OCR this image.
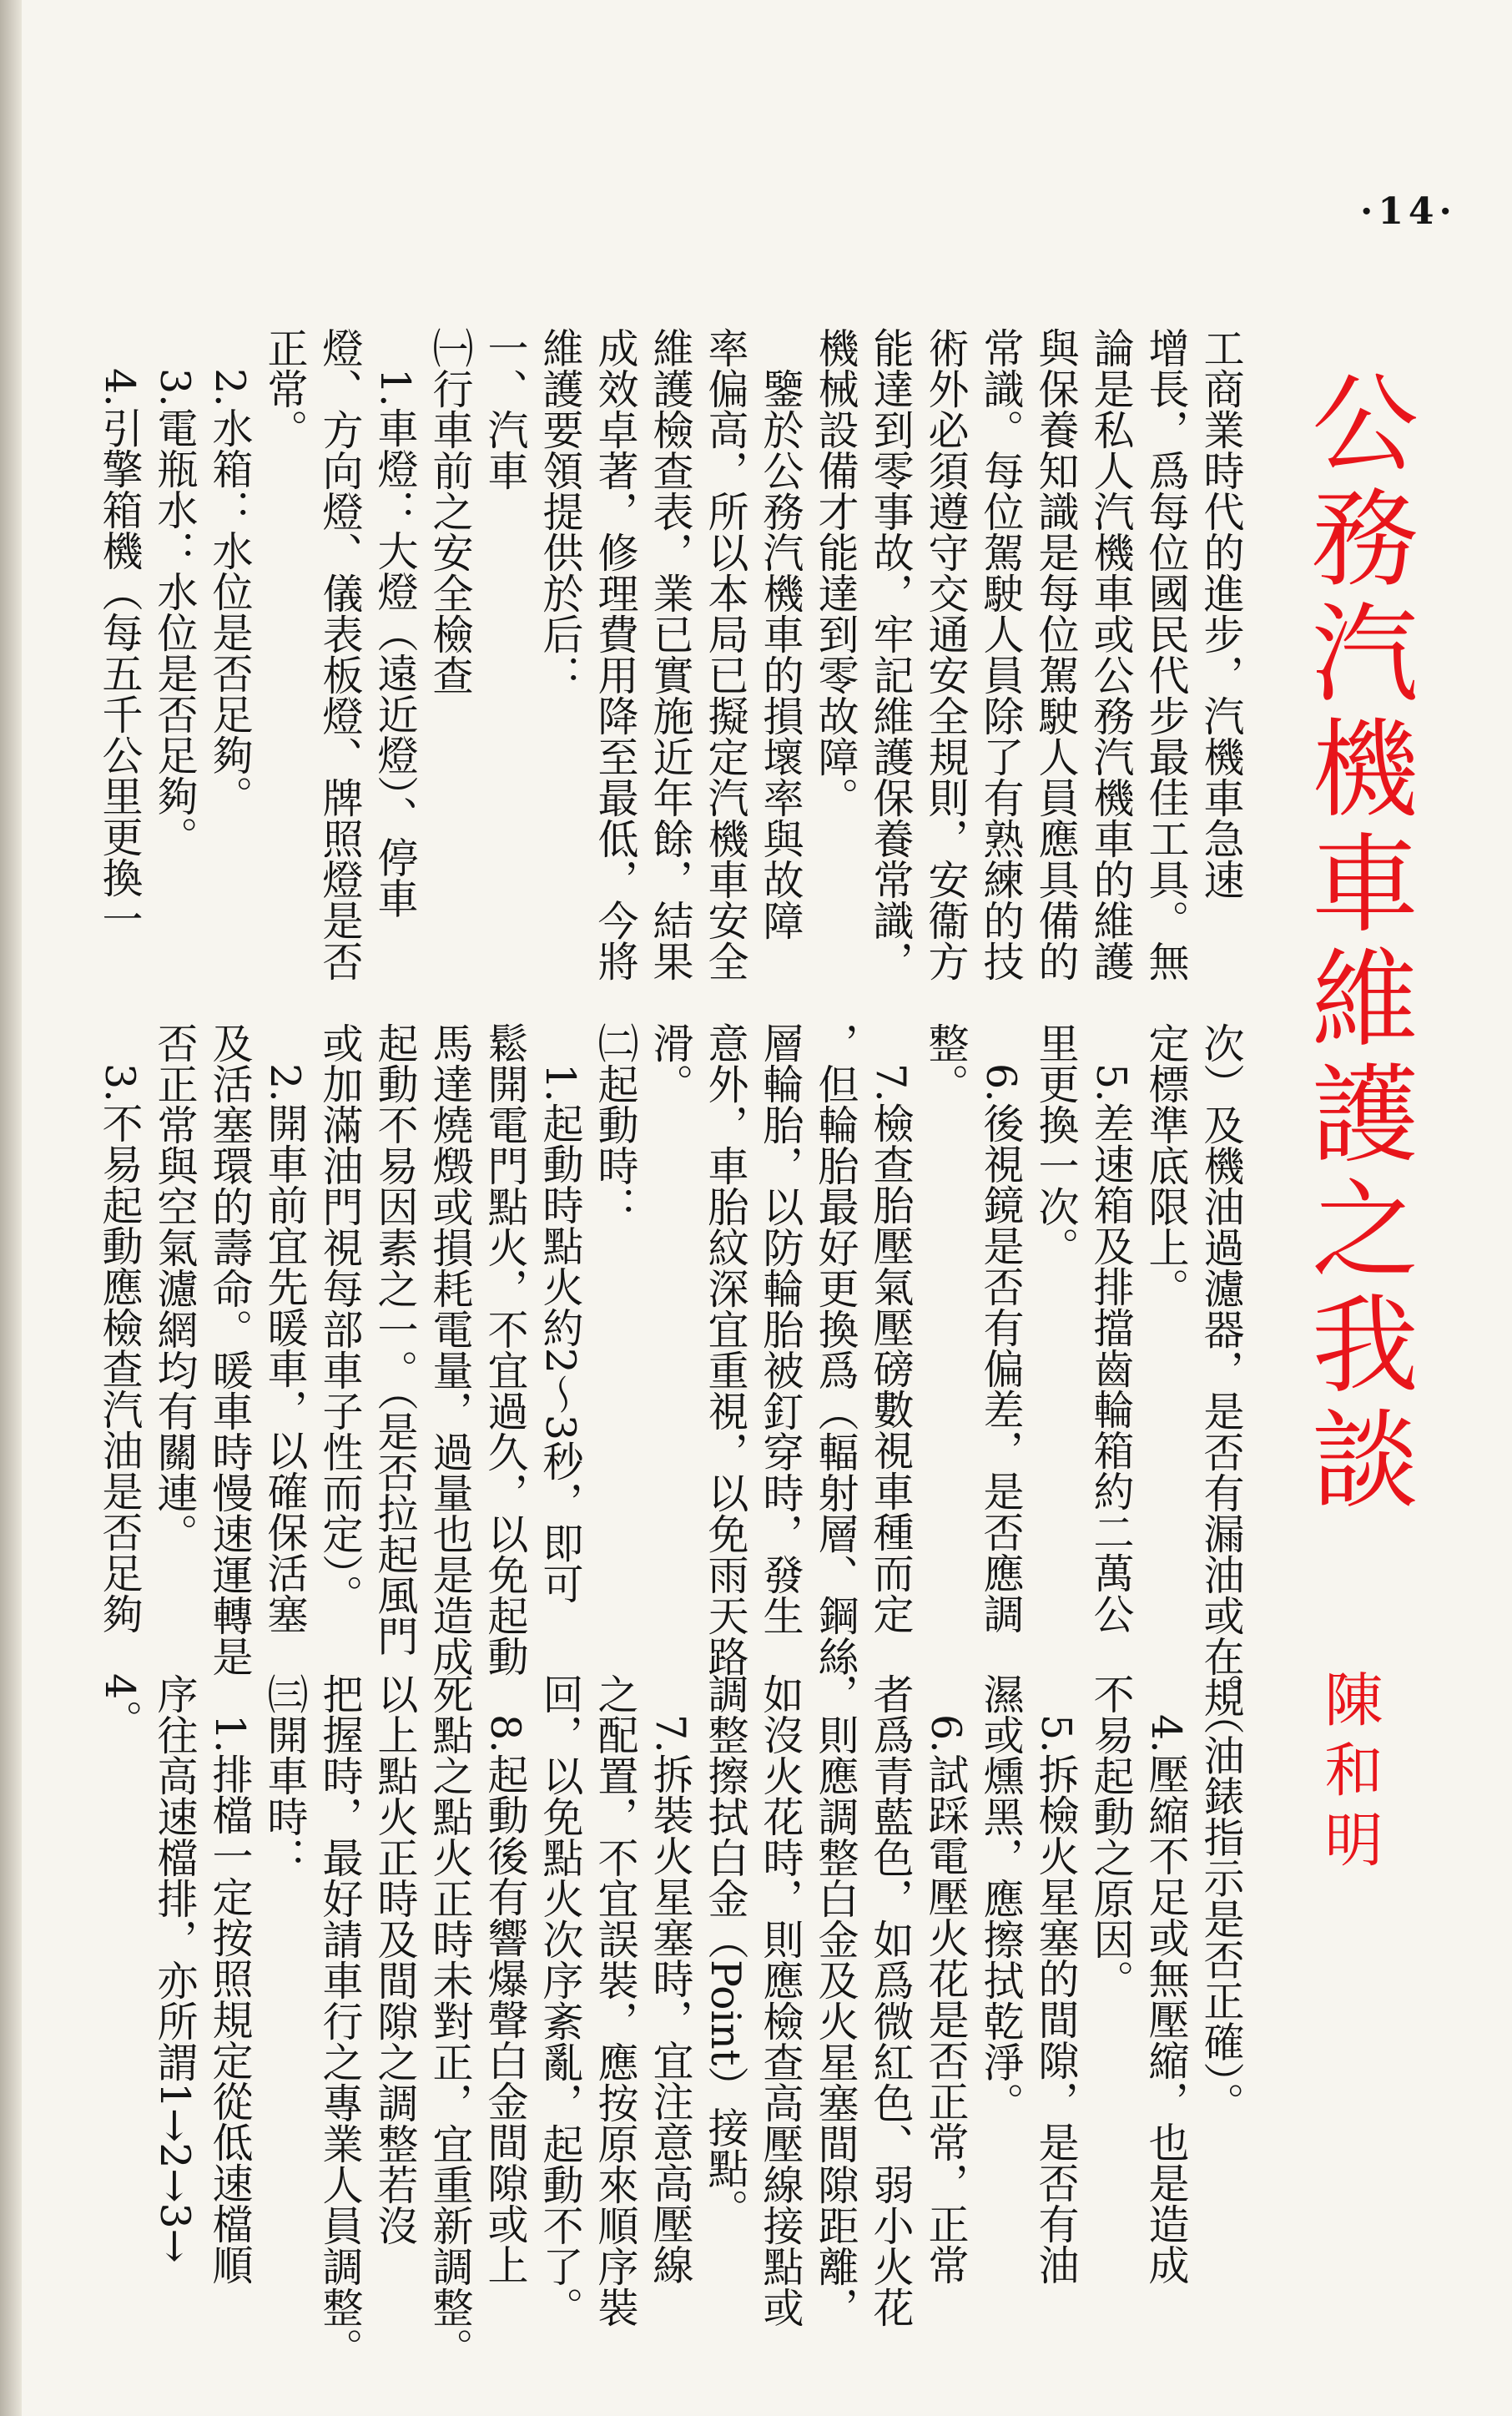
·14·
公務汽機車維護之我談
陳和明
工商業時代的進步，汽機車急速
增長，爲每位國民代步最佳工具。無
論是私人汽機車或公務汽機車的維護
與保養知識是每位駕駛人員應具備的
常識。每位駕駛人員除了有熟練的技
術外必須遵守交通安全規則，安衞方
能達到零事故，牢記維護保養常識，
機械設備才能達到零故障。
　鑒於公務汽機車的損壞率與故障
率偏高，所以本局已擬定汽機車安全
維護檢查表，業已實施近年餘，結果
成效卓著，修理費用降至最低，今將
維護要領提供於后：
一、汽車
㈠行車前之安全檢查
　1.車燈：大燈（遠近燈）、停車
燈、方向燈、儀表板燈、牌照燈是否
正常。
　2.水箱：水位是否足夠。
　3.電瓶水：水位是否足夠。
　4.引擎箱機（每五千公里更換一
次）及機油過濾器，是否有漏油或在規
定標準底限上。
　5.差速箱及排擋齒輪箱約二萬公
里更換一次。
　6.後視鏡是否有偏差，是否應調
整。
　7.檢查胎壓氣壓磅數視車種而定
，但輪胎最好更換爲（輻射層、鋼絲
層輪胎，以防輪胎被釘穿時，發生
意外，車胎紋深宜重視，以免雨天路
滑。
㈡起動時：
　1.起動時點火約2～3秒，即可
鬆開電門點火，不宜過久，以免起動
馬達燒燬或損耗電量，過量也是造成
起動不易因素之一。（是否拉起風門
或加滿油門視每部車子性而定）。
　2.開車前宜先暖車，以確保活塞
及活塞環的壽命。暖車時慢速運轉是
否正常與空氣濾網均有關連。
　3.不易起動應檢查汽油是否足夠
。（油錶指示是否正確）。
　4.壓縮不足或無壓縮，也是造成
不易起動之原因。
　5.拆檢火星塞的間隙，是否有油
濕或燻黑，應擦拭乾淨。
　6.試踩電壓火花是否正常，正常
者爲青藍色，如爲微紅色、弱小火花
，則應調整白金及火星塞間隙距離，
如沒火花時，則應檢查高壓線接點或
調整擦拭白金（Point）接點。
　7.拆裝火星塞時，宜注意高壓線
之配置，不宜誤裝，應按原來順序裝
回，以免點火次序紊亂，起動不了。
　8.起動後有響爆聲白金間隙或上
死點之點火正時未對正，宜重新調整。
以上點火正時及間隙之調整若沒
把握時，最好請車行之專業人員調整。
㈢開車時：
　1.排檔一定按照規定從低速檔順
序往高速檔排，亦所謂1→2→3→
4。
